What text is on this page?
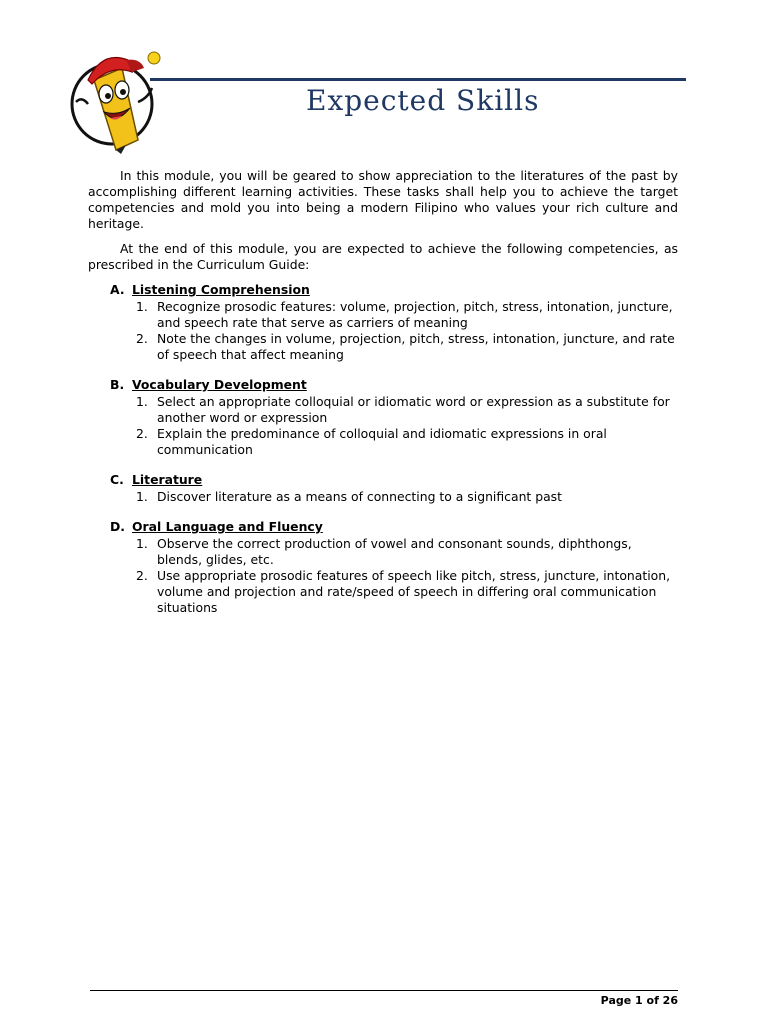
Expected Skills

In this module, you will be geared to show appreciation to the literatures of the past by accomplishing different learning activities. These tasks shall help you to achieve the target competencies and mold you into being a modern Filipino who values your rich culture and heritage.

At the end of this module, you are expected to achieve the following competencies, as prescribed in the Curriculum Guide:

A. Listening Comprehension
1. Recognize prosodic features: volume, projection, pitch, stress, intonation, juncture, and speech rate that serve as carriers of meaning
2. Note the changes in volume, projection, pitch, stress, intonation, juncture, and rate of speech that affect meaning
B. Vocabulary Development
1. Select an appropriate colloquial or idiomatic word or expression as a substitute for another word or expression
2. Explain the predominance of colloquial and idiomatic expressions in oral communication
C. Literature
1. Discover literature as a means of connecting to a significant past
D. Oral Language and Fluency
1. Observe the correct production of vowel and consonant sounds, diphthongs, blends, glides, etc.
2. Use appropriate prosodic features of speech like pitch, stress, juncture, intonation, volume and projection and rate/speed of speech in differing oral communication situations
Page 1 of 26
